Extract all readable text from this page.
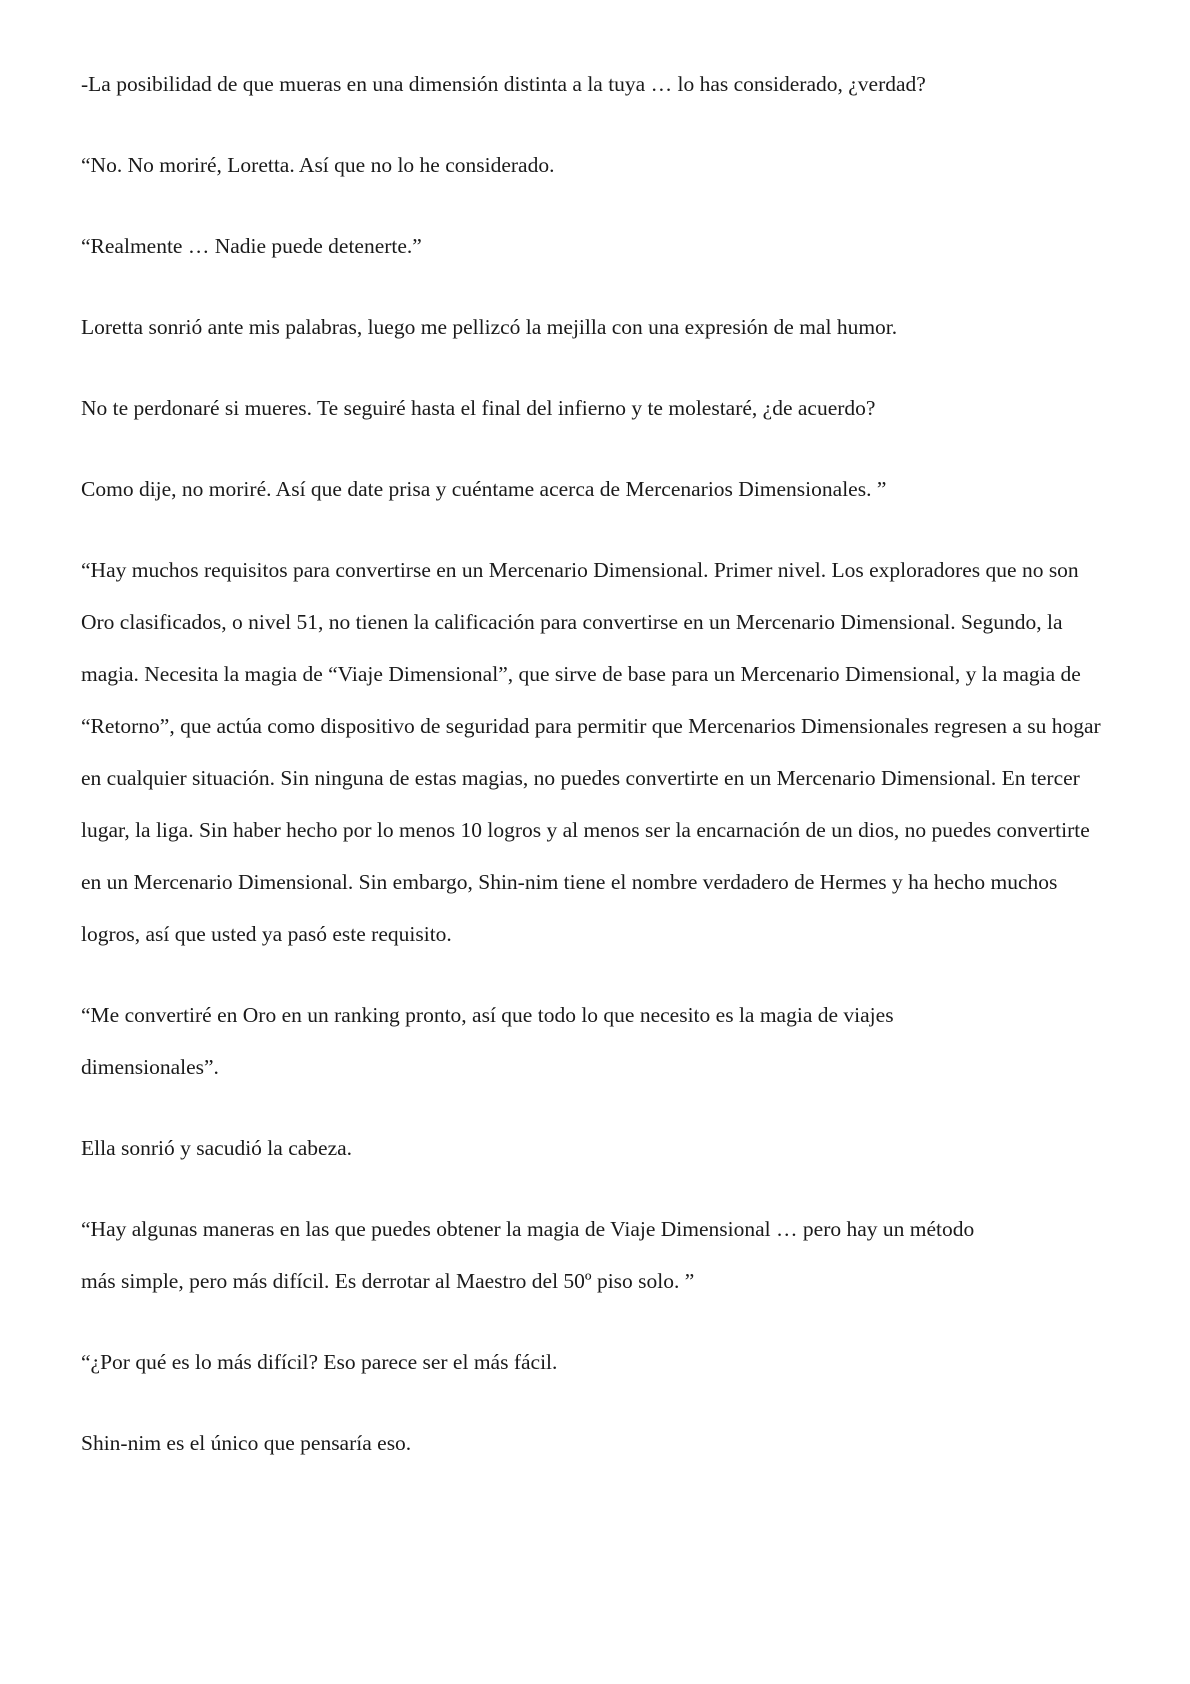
-La posibilidad de que mueras en una dimensión distinta a la tuya … lo has considerado, ¿verdad?

“No. No moriré, Loretta. Así que no lo he considerado.

“Realmente … Nadie puede detenerte.”

Loretta sonrió ante mis palabras, luego me pellizcó la mejilla con una expresión de mal humor.

No te perdonaré si mueres. Te seguiré hasta el final del infierno y te molestaré, ¿de acuerdo?

Como dije, no moriré. Así que date prisa y cuéntame acerca de Mercenarios Dimensionales. ”

“Hay muchos requisitos para convertirse en un Mercenario Dimensional. Primer nivel. Los exploradores que no son Oro clasificados, o nivel 51, no tienen la calificación para convertirse en un Mercenario Dimensional. Segundo, la magia. Necesita la magia de “Viaje Dimensional”, que sirve de base para un Mercenario Dimensional, y la magia de “Retorno”, que actúa como dispositivo de seguridad para permitir que Mercenarios Dimensionales regresen a su hogar en cualquier situación. Sin ninguna de estas magias, no puedes convertirte en un Mercenario Dimensional. En tercer lugar, la liga. Sin haber hecho por lo menos 10 logros y al menos ser la encarnación de un dios, no puedes convertirte en un Mercenario Dimensional. Sin embargo, Shin-nim tiene el nombre verdadero de Hermes y ha hecho muchos logros, así que usted ya pasó este requisito.

“Me convertiré en Oro en un ranking pronto, así que todo lo que necesito es la magia de viajes dimensionales”.

Ella sonrió y sacudió la cabeza.

“Hay algunas maneras en las que puedes obtener la magia de Viaje Dimensional … pero hay un método más simple, pero más difícil. Es derrotar al Maestro del 50º piso solo. ”

“¿Por qué es lo más difícil? Eso parece ser el más fácil.

Shin-nim es el único que pensaría eso.
